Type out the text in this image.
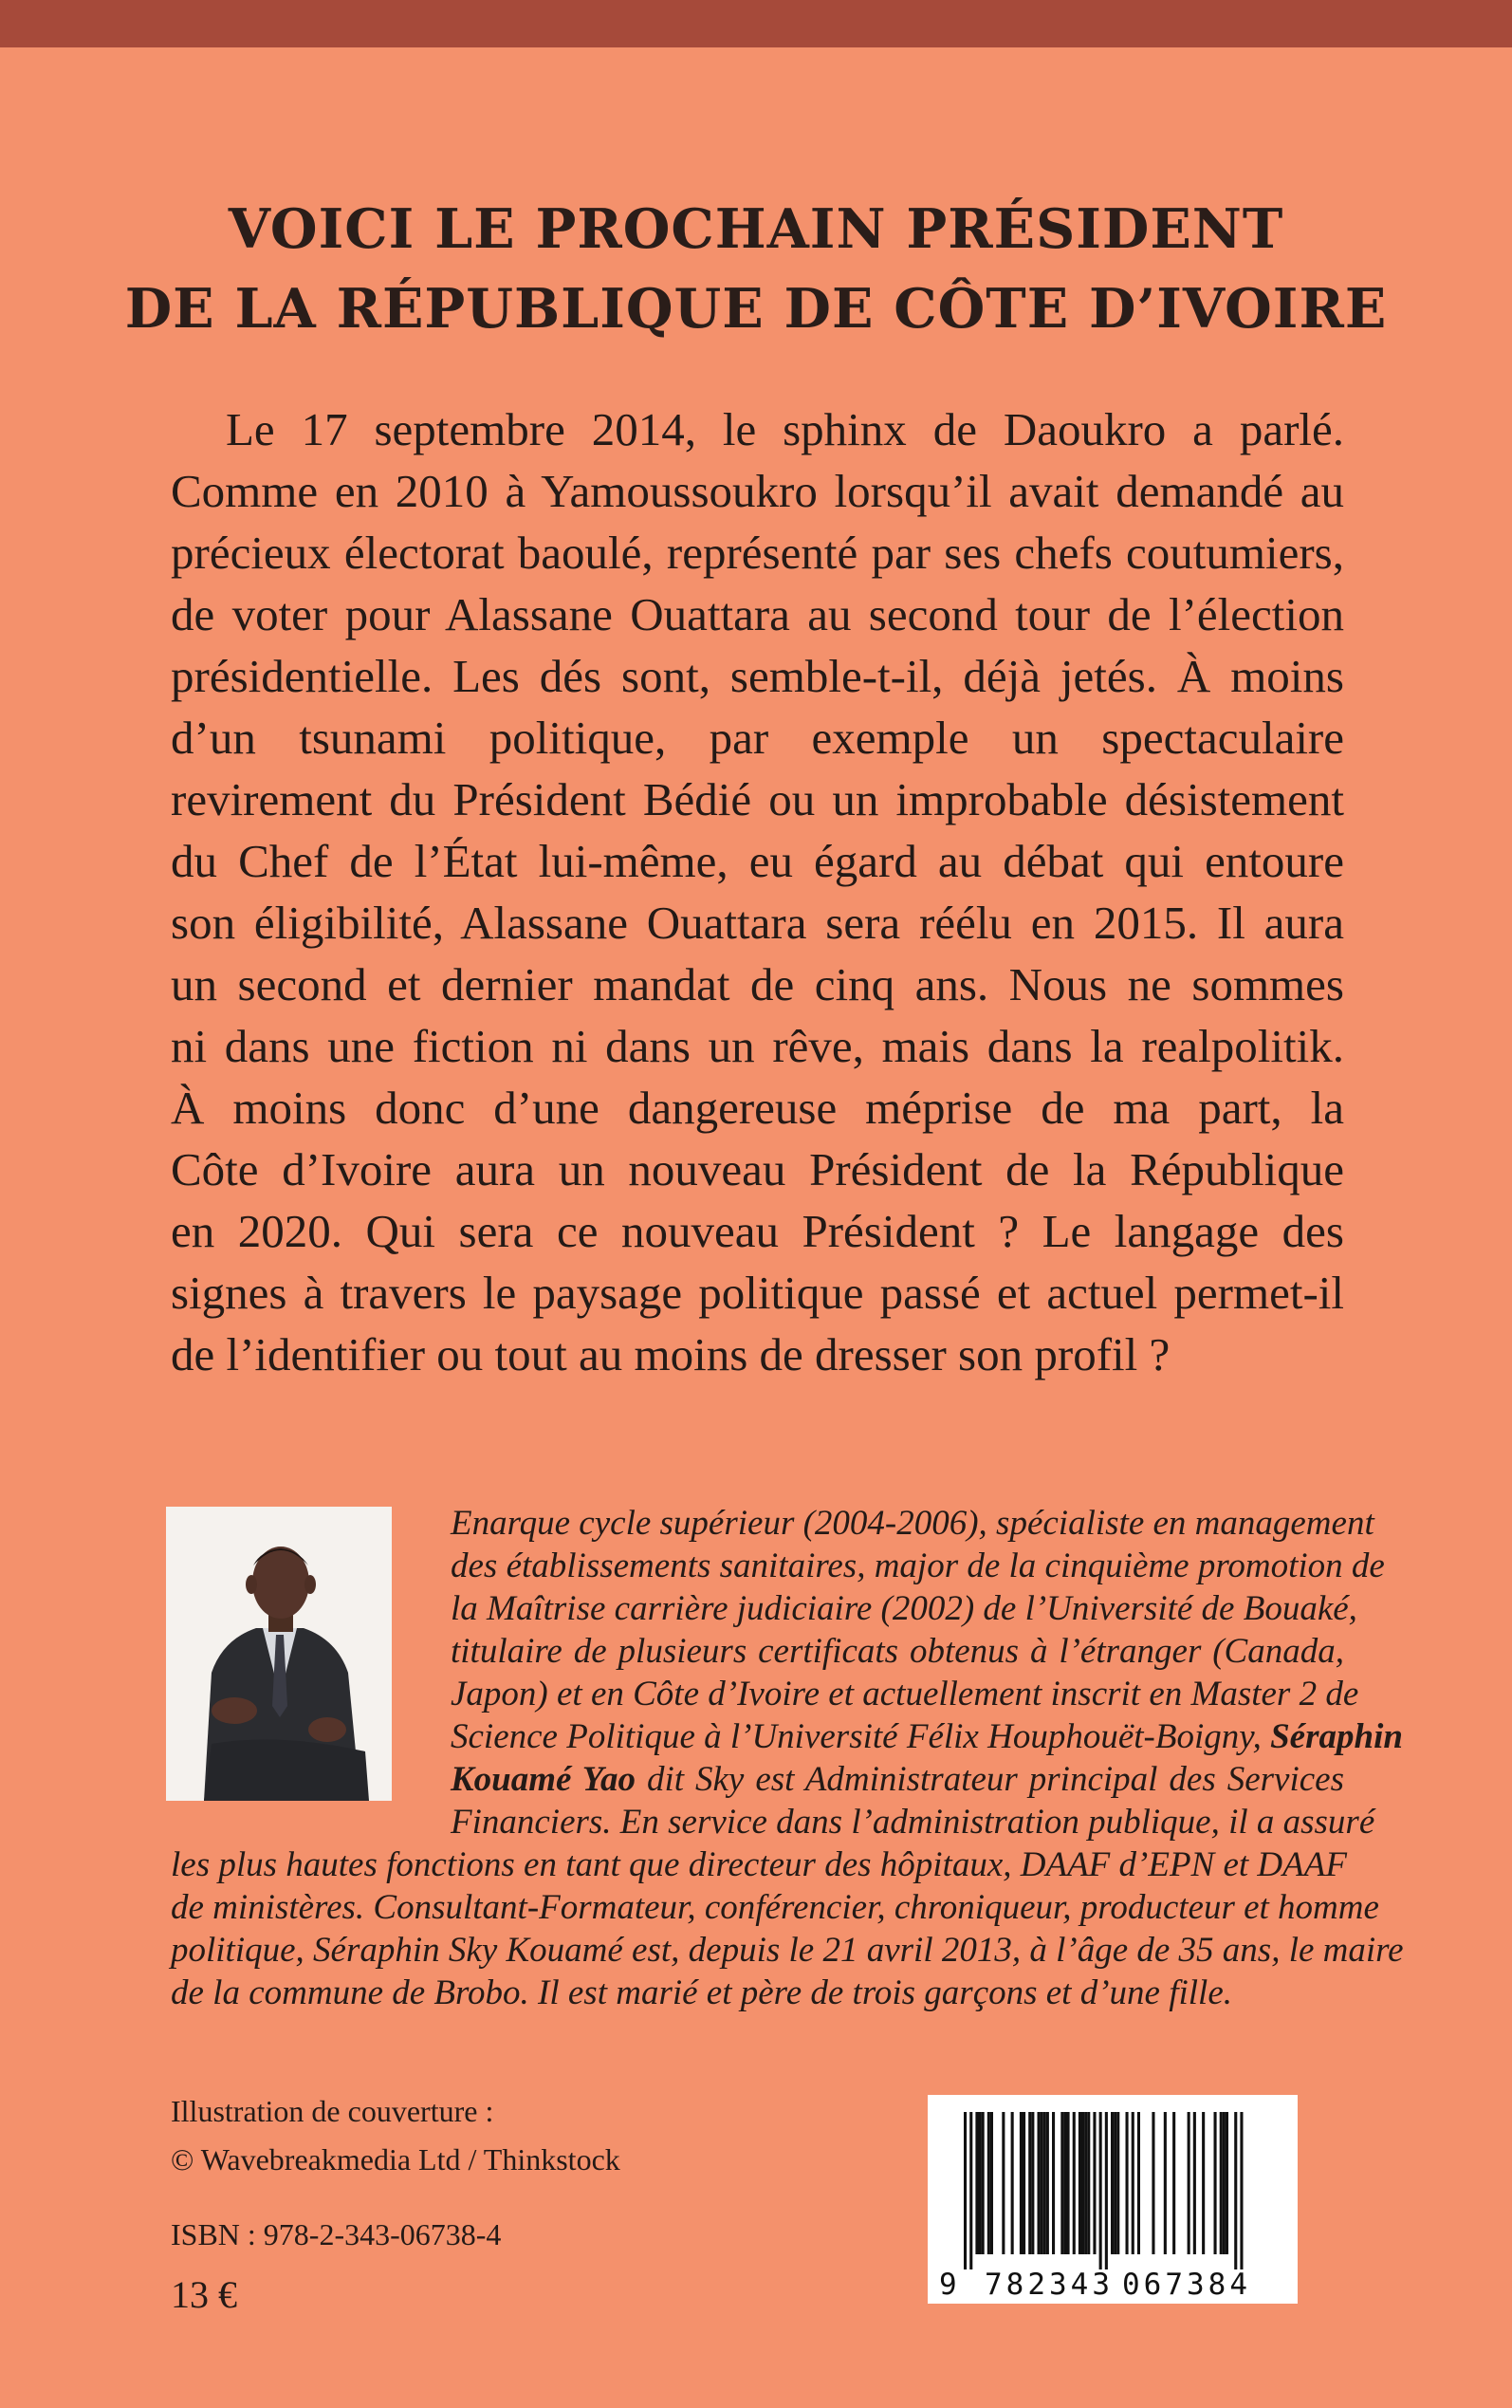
VOICI LE PROCHAIN PRÉSIDENT
DE LA RÉPUBLIQUE DE CÔTE D’IVOIRE
Le 17 septembre 2014, le sphinx de Daoukro a parlé.
Comme en 2010 à Yamoussoukro lorsqu’il avait demandé au
précieux électorat baoulé, représenté par ses chefs coutumiers,
de voter pour Alassane Ouattara au second tour de l’élection
présidentielle. Les dés sont, semble-t-il, déjà jetés. À moins
d’un tsunami politique, par exemple un spectaculaire
revirement du Président Bédié ou un improbable désistement
du Chef de l’État lui-même, eu égard au débat qui entoure
son éligibilité, Alassane Ouattara sera réélu en 2015. Il aura
un second et dernier mandat de cinq ans. Nous ne sommes
ni dans une fiction ni dans un rêve, mais dans la realpolitik.
À moins donc d’une dangereuse méprise de ma part, la
Côte d’Ivoire aura un nouveau Président de la République
en 2020. Qui sera ce nouveau Président ? Le langage des
signes à travers le paysage politique passé et actuel permet-il
de l’identifier ou tout au moins de dresser son profil ?
Enarque cycle supérieur (2004-2006), spécialiste en management
des établissements sanitaires, major de la cinquième promotion de
la Maîtrise carrière judiciaire (2002) de l’Université de Bouaké,
titulaire de plusieurs certificats obtenus à l’étranger (Canada,
Japon) et en Côte d’Ivoire et actuellement inscrit en Master 2 de
Science Politique à l’Université Félix Houphouët-Boigny, Séraphin
Kouamé Yao dit Sky est Administrateur principal des Services
Financiers. En service dans l’administration publique, il a assuré
les plus hautes fonctions en tant que directeur des hôpitaux, DAAF d’EPN et DAAF
de ministères. Consultant-Formateur, conférencier, chroniqueur, producteur et homme
politique, Séraphin Sky Kouamé est, depuis le 21 avril 2013, à l’âge de 35 ans, le maire
de la commune de Brobo. Il est marié et père de trois garçons et d’une fille.
Illustration de couverture :
© Wavebreakmedia Ltd / Thinkstock
ISBN : 978-2-343-06738-4
13 €	9 782343 067384
